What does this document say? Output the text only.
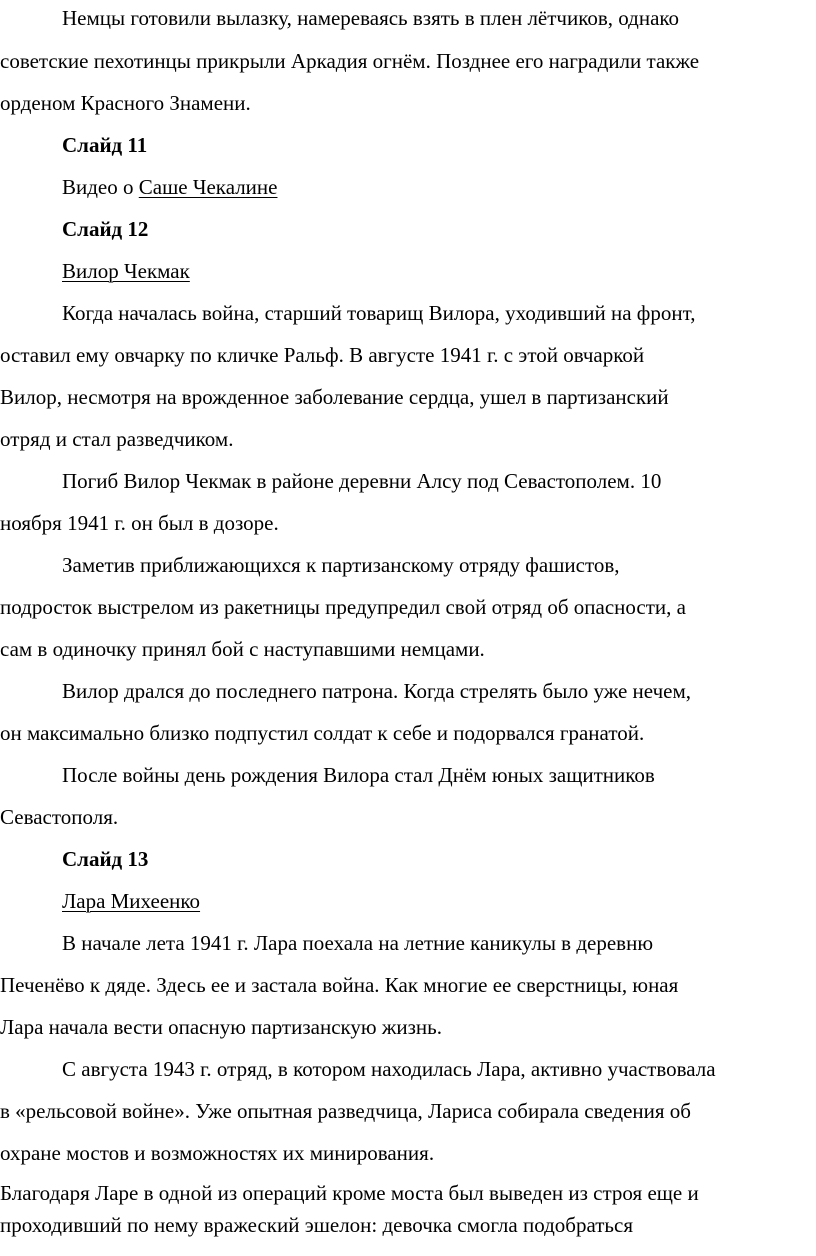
Немцы готовили вылазку, намереваясь взять в плен лётчиков, однако
советские пехотинцы прикрыли Аркадия огнём. Позднее его наградили также
орденом Красного Знамени.
Слайд 11
Видео о Саше Чекалине
Слайд 12
Вилор Чекмак
Когда началась война, старший товарищ Вилора, уходивший на фронт,
оставил ему овчарку по кличке Ральф. В августе 1941 г. с этой овчаркой
Вилор, несмотря на врожденное заболевание сердца, ушел в партизанский
отряд и стал разведчиком.
Погиб Вилор Чекмак в районе деревни Алсу под Севастополем. 10
ноября 1941 г. он был в дозоре.
Заметив приближающихся к партизанскому отряду фашистов,
подросток выстрелом из ракетницы предупредил свой отряд об опасности, а
сам в одиночку принял бой с наступавшими немцами.
Вилор дрался до последнего патрона. Когда стрелять было уже нечем,
он максимально близко подпустил солдат к себе и подорвался гранатой.
После войны день рождения Вилора стал Днём юных защитников
Севастополя.
Слайд 13
Лара Михеенко
В начале лета 1941 г. Лара поехала на летние каникулы в деревню
Печенёво к дяде. Здесь ее и застала война. Как многие ее сверстницы, юная
Лара начала вести опасную партизанскую жизнь.
С августа 1943 г. отряд, в котором находилась Лара, активно участвовала
в «рельсовой войне». Уже опытная разведчица, Лариса собирала сведения об
охране мостов и возможностях их минирования.
Благодаря Ларе в одной из операций кроме моста был выведен из строя еще и
проходивший по нему вражеский эшелон: девочка смогла подобраться
